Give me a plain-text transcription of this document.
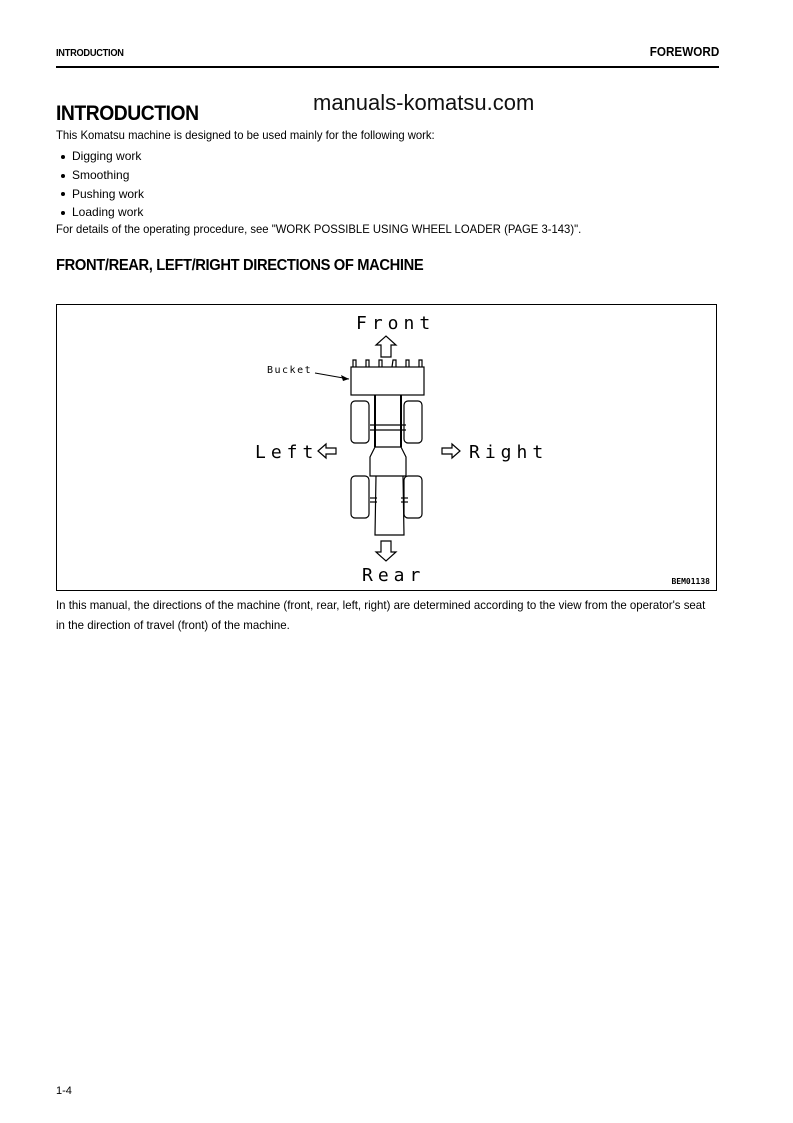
INTRODUCTION	FOREWORD
manuals-komatsu.com
INTRODUCTION
This Komatsu machine is designed to be used mainly for the following work:
Digging work
Smoothing
Pushing work
Loading work
For details of the operating procedure, see "WORK POSSIBLE USING WHEEL LOADER (PAGE 3-143)".
FRONT/REAR, LEFT/RIGHT DIRECTIONS OF MACHINE
Front
Rear
Left	Right
Bucket
BEM01138
In this manual, the directions of the machine (front, rear, left, right) are determined according to the view from the operator's seat in the direction of travel (front) of the machine.
1-4
